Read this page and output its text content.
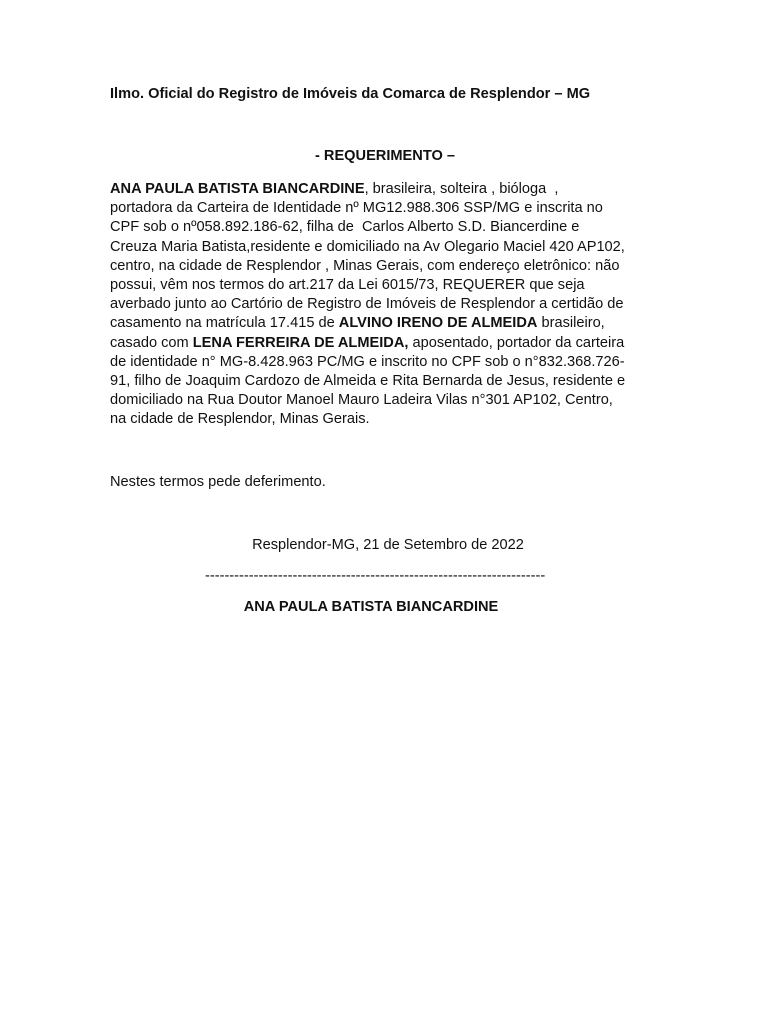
Ilmo. Oficial do Registro de Imóveis da Comarca de Resplendor – MG
- REQUERIMENTO –
ANA PAULA BATISTA BIANCARDINE, brasileira, solteira , bióloga  ,
portadora da Carteira de Identidade nº MG12.988.306 SSP/MG e inscrita no
CPF sob o nº058.892.186-62, filha de  Carlos Alberto S.D. Biancerdine e
Creuza Maria Batista,residente e domiciliado na Av Olegario Maciel 420 AP102,
centro, na cidade de Resplendor , Minas Gerais, com endereço eletrônico: não
possui, vêm nos termos do art.217 da Lei 6015/73, REQUERER que seja
averbado junto ao Cartório de Registro de Imóveis de Resplendor a certidão de
casamento na matrícula 17.415 de ALVINO IRENO DE ALMEIDA brasileiro,
casado com LENA FERREIRA DE ALMEIDA, aposentado, portador da carteira
de identidade n° MG-8.428.963 PC/MG e inscrito no CPF sob o n°832.368.726-
91, filho de Joaquim Cardozo de Almeida e Rita Bernarda de Jesus, residente e
domiciliado na Rua Doutor Manoel Mauro Ladeira Vilas n°301 AP102, Centro,
na cidade de Resplendor, Minas Gerais.
Nestes termos pede deferimento.
Resplendor-MG, 21 de Setembro de 2022
----------------------------------------------------------------------
ANA PAULA BATISTA BIANCARDINE
